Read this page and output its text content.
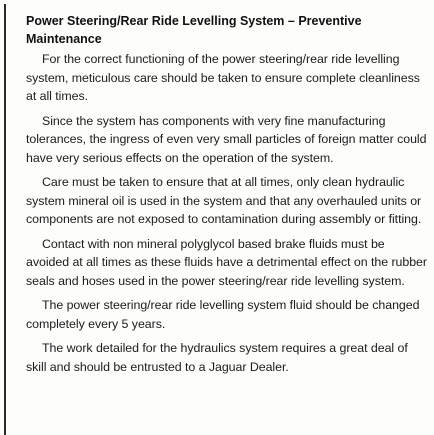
Power Steering/Rear Ride Levelling System – Preventive
Maintenance

For the correct functioning of the power steering/rear ride levelling system, meticulous care should be taken to ensure complete cleanliness at all times.

Since the system has components with very fine manufacturing tolerances, the ingress of even very small particles of foreign matter could have very serious effects on the operation of the system.

Care must be taken to ensure that at all times, only clean hydraulic system mineral oil is used in the system and that any overhauled units or components are not exposed to contamination during assembly or fitting.

Contact with non mineral polyglycol based brake fluids must be avoided at all times as these fluids have a detrimental effect on the rubber seals and hoses used in the power steering/rear ride levelling system.

The power steering/rear ride levelling system fluid should be changed completely every 5 years.

The work detailed for the hydraulics system requires a great deal of skill and should be entrusted to a Jaguar Dealer.
